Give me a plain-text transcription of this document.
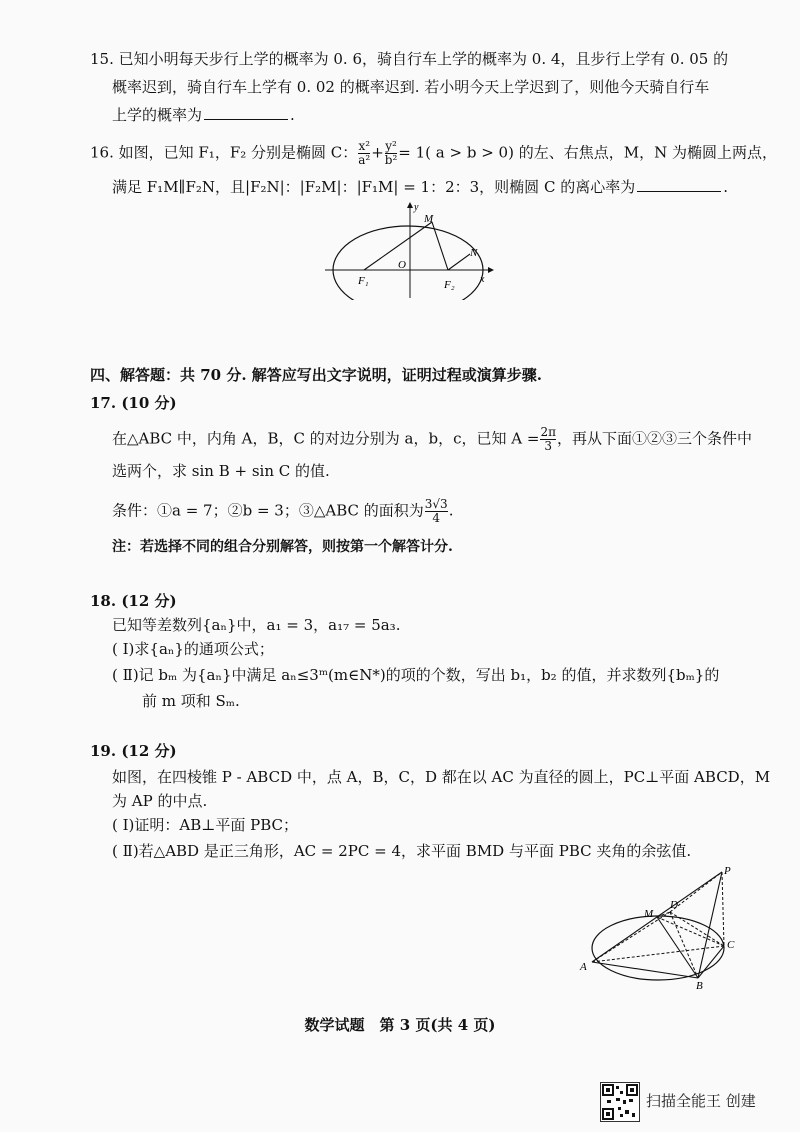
15. 已知小明每天步行上学的概率为 0. 6，骑自行车上学的概率为 0. 4，且步行上学有 0. 05 的
概率迟到，骑自行车上学有 0. 02 的概率迟到. 若小明今天上学迟到了，则他今天骑自行车
上学的概率为	.
16. 如图，已知 F₁，F₂ 分别是椭圆 C： $\frac{\text{x²}}{\text{a²}} + \frac{\text{y²}}{\text{b²}} = 1$( a > b > 0) 的左、右焦点，M，N 为椭圆上两点，
满足 F₁M∥F₂N，且|F₂N|：|F₂M|：|F₁M| = 1：2：3，则椭圆 C 的离心率为	.
y
M
N
O
F₁	F₂	x
四、解答题：共 70 分. 解答应写出文字说明，证明过程或演算步骤.
17. (10 分)
在△ABC 中，内角 A，B，C 的对边分别为 a，b，c，已知 $A = \frac{2\pi}{3}$ ，再从下面①②③三个条件中
选两个，求 sin B + sin C 的值.
条件：①a = 7；②b = 3；③△ABC 的面积为 $\frac{3√3}{4}$ .
注：若选择不同的组合分别解答，则按第一个解答计分.
18. (12 分)
已知等差数列{aₙ}中，a₁ = 3，a₁₇ = 5a₃.
( Ⅰ)求{aₙ}的通项公式；
( Ⅱ)记 bₘ 为{aₙ}中满足 aₙ≤3ᵐ(m∈N*)的项的个数，写出 b₁，b₂ 的值，并求数列{bₘ}的
前 m 项和 Sₘ.
19. (12 分)
如图，在四棱锥 P - ABCD 中，点 A，B，C，D 都在以 AC 为直径的圆上，PC⊥平面 ABCD，M
为 AP 的中点.
( Ⅰ)证明：AB⊥平面 PBC；
( Ⅱ)若△ABD 是正三角形，AC = 2PC = 4，求平面 BMD 与平面 PBC 夹角的余弦值.
P
M
D
C
A
B
数学试题　第 3 页(共 4 页)
扫描全能王 创建
